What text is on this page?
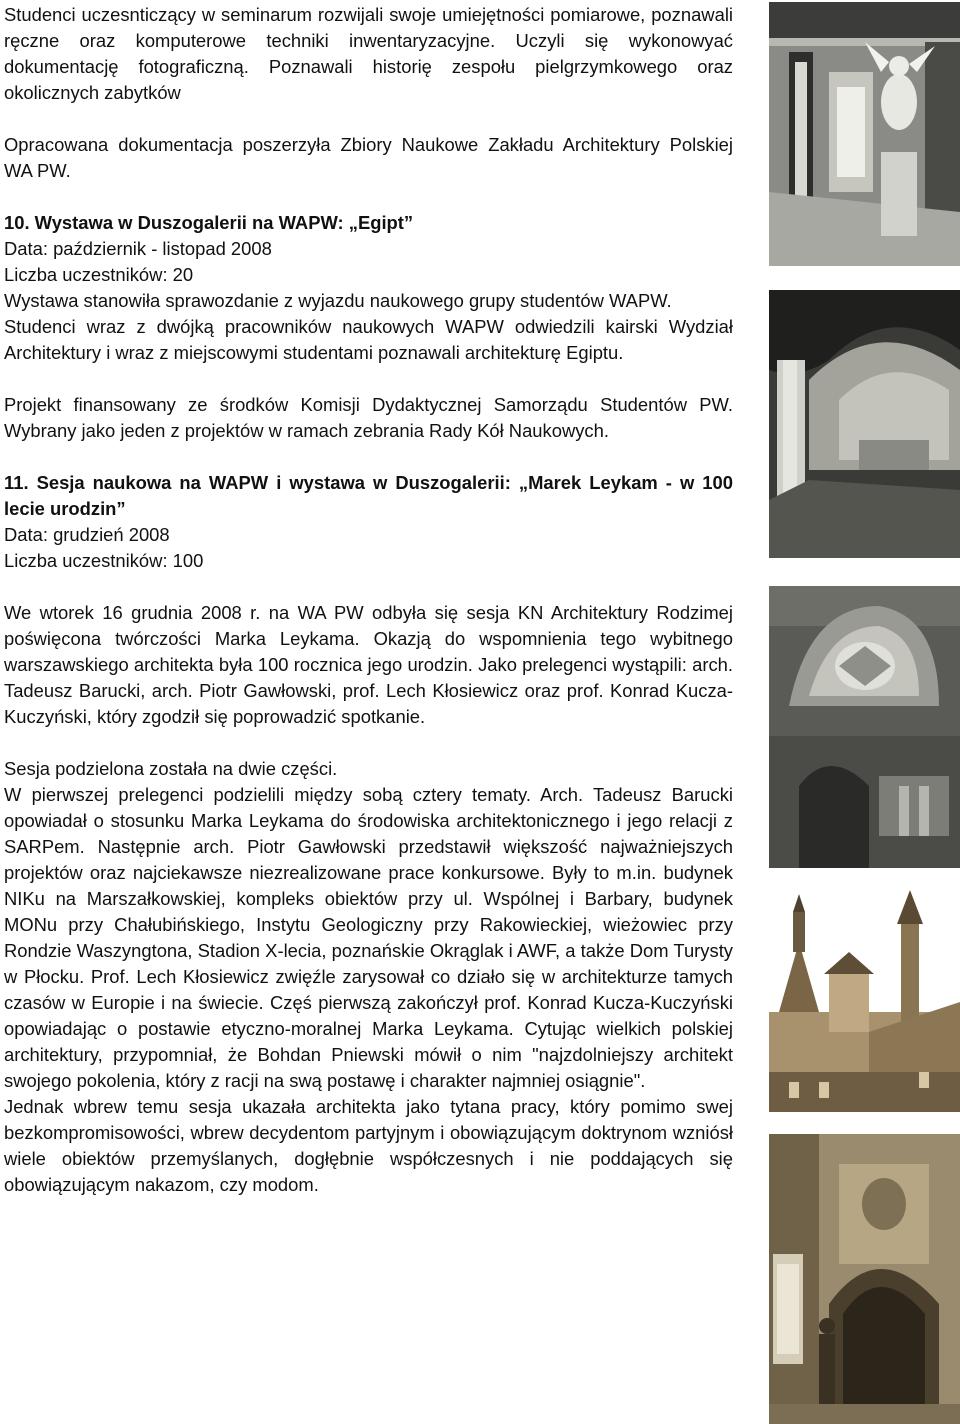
Studenci uczesnticzący w seminarum rozwijali swoje umiejętności pomiarowe, poznawali ręczne oraz komputerowe techniki inwentaryzacyjne. Uczyli się wykonowyać dokumentację fotograficzną. Poznawali historię zespołu pielgrzymkowego oraz okolicznych zabytków

Opracowana dokumentacja poszerzyła Zbiory Naukowe Zakładu Architektury Polskiej WA PW.

10. Wystawa w Duszogalerii na WAPW: „Egipt”

Data: październik - listopad 2008

Liczba uczestników: 20

Wystawa stanowiła sprawozdanie z wyjazdu naukowego grupy studentów WAPW.

Studenci wraz z dwójką pracowników naukowych WAPW odwiedzili kairski Wydział Architektury i wraz z miejscowymi studentami poznawali architekturę Egiptu.

Projekt finansowany ze środków Komisji Dydaktycznej Samorządu Studentów PW. Wybrany jako jeden z projektów w ramach zebrania Rady Kół Naukowych.

11. Sesja naukowa na WAPW i wystawa w Duszogalerii: „Marek Leykam - w 100 lecie urodzin”

Data: grudzień 2008

Liczba uczestników: 100

We wtorek 16 grudnia 2008 r. na WA PW odbyła się sesja KN Architektury Rodzimej poświęcona twórczości Marka Leykama. Okazją do wspomnienia tego wybitnego warszawskiego architekta była 100 rocznica jego urodzin. Jako prelegenci wystąpili: arch. Tadeusz Barucki, arch. Piotr Gawłowski, prof. Lech Kłosiewicz oraz prof. Konrad Kucza-Kuczyński, który zgodził się poprowadzić spotkanie.

Sesja podzielona została na dwie części.

W pierwszej prelegenci podzielili między sobą cztery tematy. Arch. Tadeusz Barucki opowiadał o stosunku Marka Leykama do środowiska architektonicznego i jego relacji z SARPem. Następnie arch. Piotr Gawłowski przedstawił większość najważniejszych projektów oraz najciekawsze niezrealizowane prace konkursowe. Były to m.in. budynek NIKu na Marszałkowskiej, kompleks obiektów przy ul. Wspólnej i Barbary, budynek MONu przy Chałubińskiego, Instytu Geologiczny przy Rakowieckiej, wieżowiec przy Rondzie Waszyngtona, Stadion X-lecia, poznańskie Okrąglak i AWF, a także Dom Turysty w Płocku. Prof. Lech Kłosiewicz zwięźle zarysował co działo się w architekturze tamych czasów w Europie i na świecie. Częś pierwszą zakończył prof. Konrad Kucza-Kuczyński opowiadając o postawie etyczno-moralnej Marka Leykama. Cytując wielkich polskiej architektury, przypomniał, że Bohdan Pniewski mówił o nim "najzdolniejszy architekt swojego pokolenia, który z racji na swą postawę i charakter najmniej osiągnie".

Jednak wbrew temu sesja ukazała architekta jako tytana pracy, który pomimo swej bezkompromisowości, wbrew decydentom partyjnym i obowiązującym doktrynom wzniósł wiele obiektów przemyślanych, dogłębnie współczesnych i nie poddających się obowiązującym nakazom, czy modom.
